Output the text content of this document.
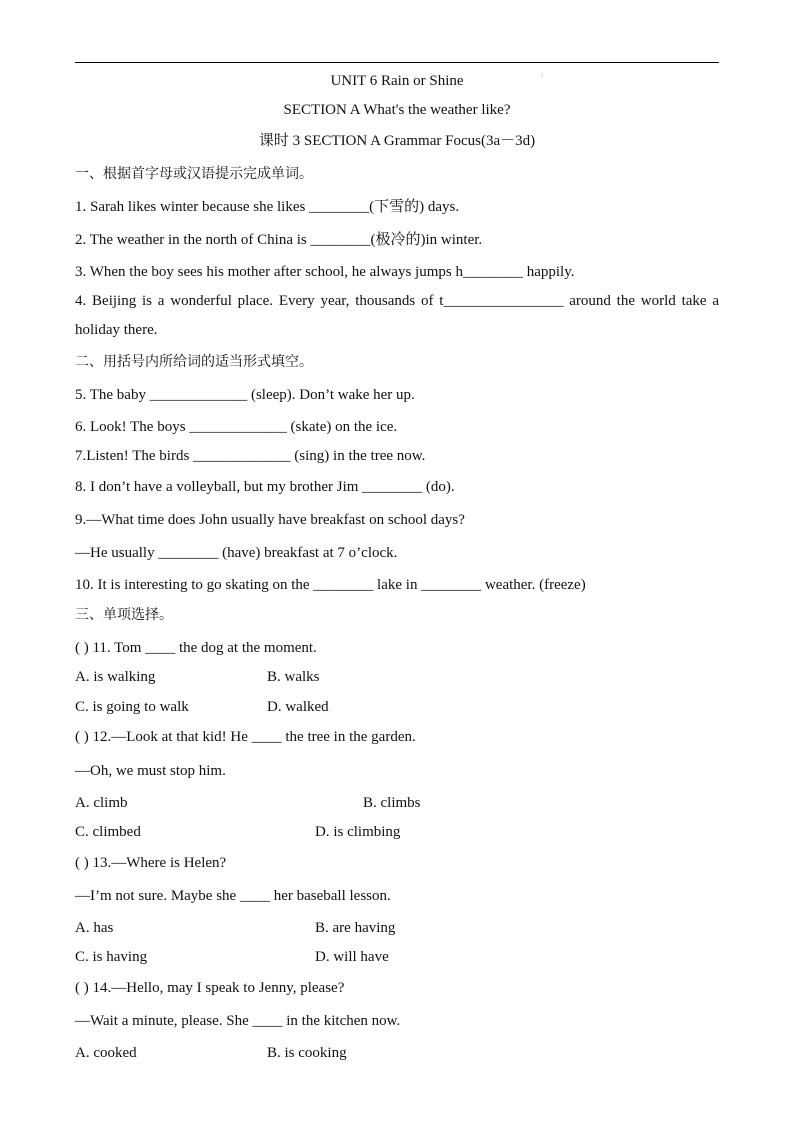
⁝
UNIT 6 Rain or Shine
SECTION A What's the weather like?
课时 3 SECTION A Grammar Focus(3a－3d)
一、根据首字母或汉语提示完成单词。
1. Sarah likes winter because she likes ________(下雪的) days.
2. The weather in the north of China is ________(极冷的)in winter.
3. When the boy sees his mother after school, he always jumps h________ happily.
4. Beijing is a wonderful place. Every year, thousands of t________________ around the world take a holiday there.
二、用括号内所给词的适当形式填空。
5. The baby _____________ (sleep). Don’t wake her up.
6. Look! The boys _____________ (skate) on the ice.
7.Listen! The birds _____________ (sing) in the tree now.
8. I don’t have a volleyball, but my brother Jim ________ (do).
9.—What time does John usually have breakfast on school days?
—He usually ________ (have) breakfast at 7 o’clock.
10. It is interesting to go skating on the ________ lake in ________ weather. (freeze)
三、单项选择。
( ) 11. Tom ____ the dog at the moment.
A. is walking	B. walks
C. is going to walk	D. walked
( ) 12.—Look at that kid! He ____ the tree in the garden.
—Oh, we must stop him.
A. climb	B. climbs
C. climbed	D. is climbing
( ) 13.—Where is Helen?
—I’m not sure. Maybe she ____ her baseball lesson.
A. has	B. are having
C. is having	D. will have
( ) 14.—Hello, may I speak to Jenny, please?
—Wait a minute, please. She ____ in the kitchen now.
A. cooked	B. is cooking
